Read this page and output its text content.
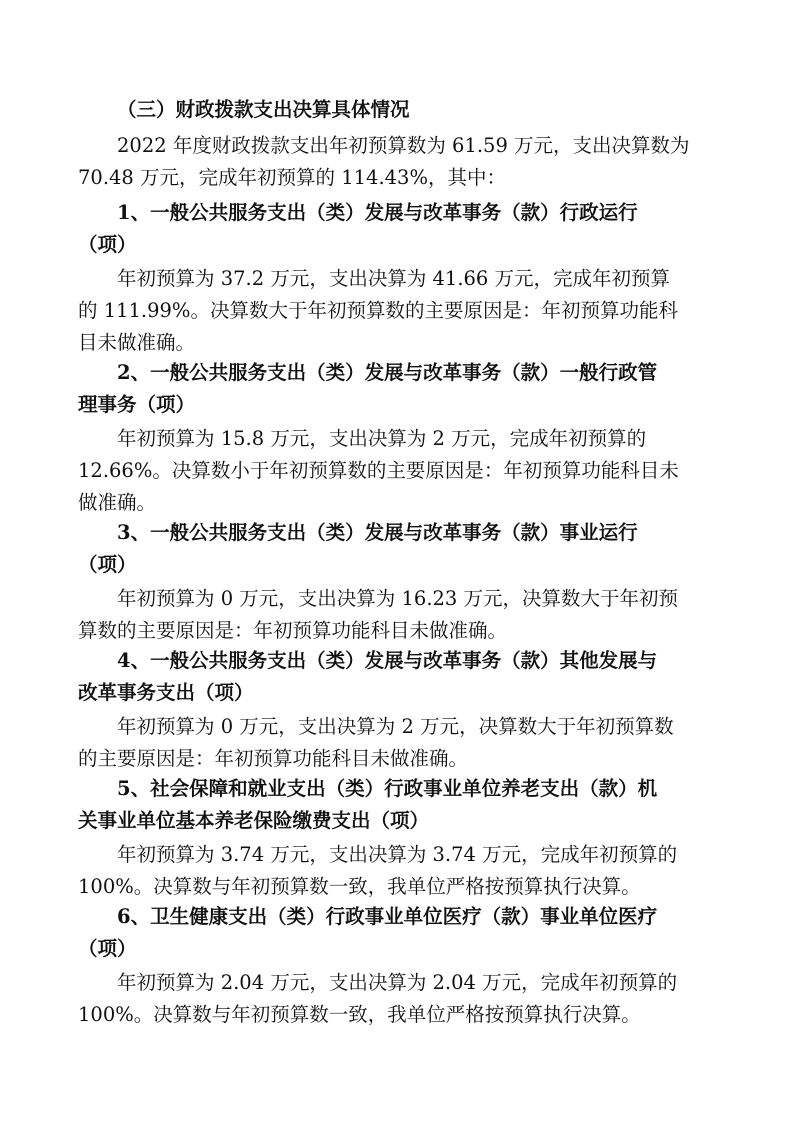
（三）财政拨款支出决算具体情况
2022 年度财政拨款支出年初预算数为 61.59 万元，支出决算数为
70.48 万元，完成年初预算的 114.43%，其中：
1、一般公共服务支出（类）发展与改革事务（款）行政运行
（项）
年初预算为 37.2 万元，支出决算为 41.66 万元，完成年初预算
的 111.99%。决算数大于年初预算数的主要原因是：年初预算功能科
目未做准确。
2、一般公共服务支出（类）发展与改革事务（款）一般行政管
理事务（项）
年初预算为 15.8 万元，支出决算为 2 万元，完成年初预算的
12.66%。决算数小于年初预算数的主要原因是：年初预算功能科目未
做准确。
3、一般公共服务支出（类）发展与改革事务（款）事业运行
（项）
年初预算为 0 万元，支出决算为 16.23 万元，决算数大于年初预
算数的主要原因是：年初预算功能科目未做准确。
4、一般公共服务支出（类）发展与改革事务（款）其他发展与
改革事务支出（项）
年初预算为 0 万元，支出决算为 2 万元，决算数大于年初预算数
的主要原因是：年初预算功能科目未做准确。
5、社会保障和就业支出（类）行政事业单位养老支出（款）机
关事业单位基本养老保险缴费支出（项）
年初预算为 3.74 万元，支出决算为 3.74 万元，完成年初预算的
100%。决算数与年初预算数一致，我单位严格按预算执行决算。
6、卫生健康支出（类）行政事业单位医疗（款）事业单位医疗
（项）
年初预算为 2.04 万元，支出决算为 2.04 万元，完成年初预算的
100%。决算数与年初预算数一致，我单位严格按预算执行决算。
